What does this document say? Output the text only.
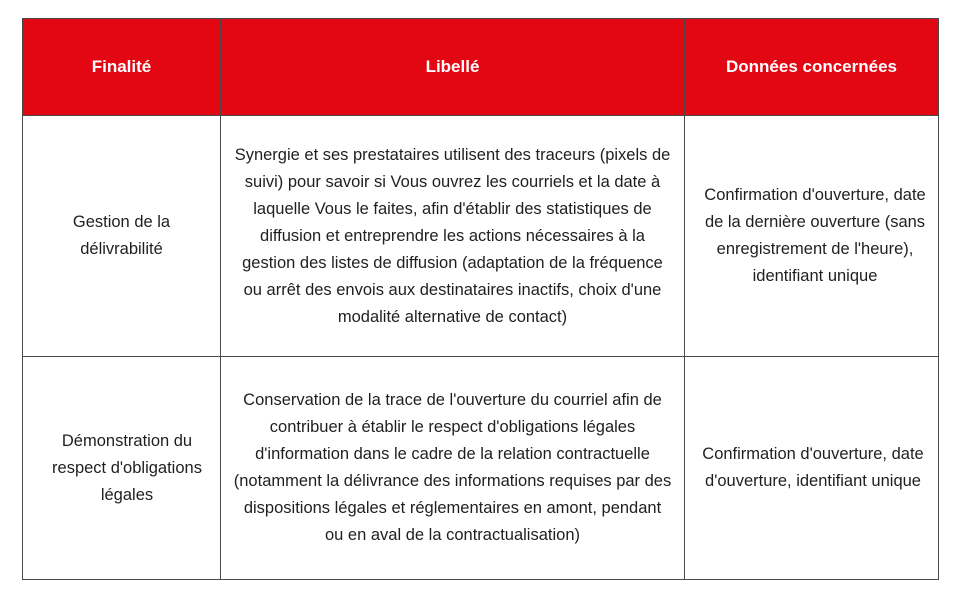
Finalité	Libellé	Données concernées

Gestion de la délivrabilité	Synergie et ses prestataires utilisent des traceurs (pixels de suivi) pour savoir si Vous ouvrez les courriels et la date à laquelle Vous le faites, afin d'établir des statistiques de diffusion et entreprendre les actions nécessaires à la gestion des listes de diffusion (adaptation de la fréquence ou arrêt des envois aux destinataires inactifs, choix d'une modalité alternative de contact)	Confirmation d'ouverture, date de la dernière ouverture (sans enregistrement de l'heure), identifiant unique

Démonstration du respect d'obligations légales	Conservation de la trace de l'ouverture du courriel afin de contribuer à établir le respect d'obligations légales d'information dans le cadre de la relation contractuelle (notamment la délivrance des informations requises par des dispositions légales et réglementaires en amont, pendant ou en aval de la contractualisation)	Confirmation d'ouverture, date d'ouverture, identifiant unique
